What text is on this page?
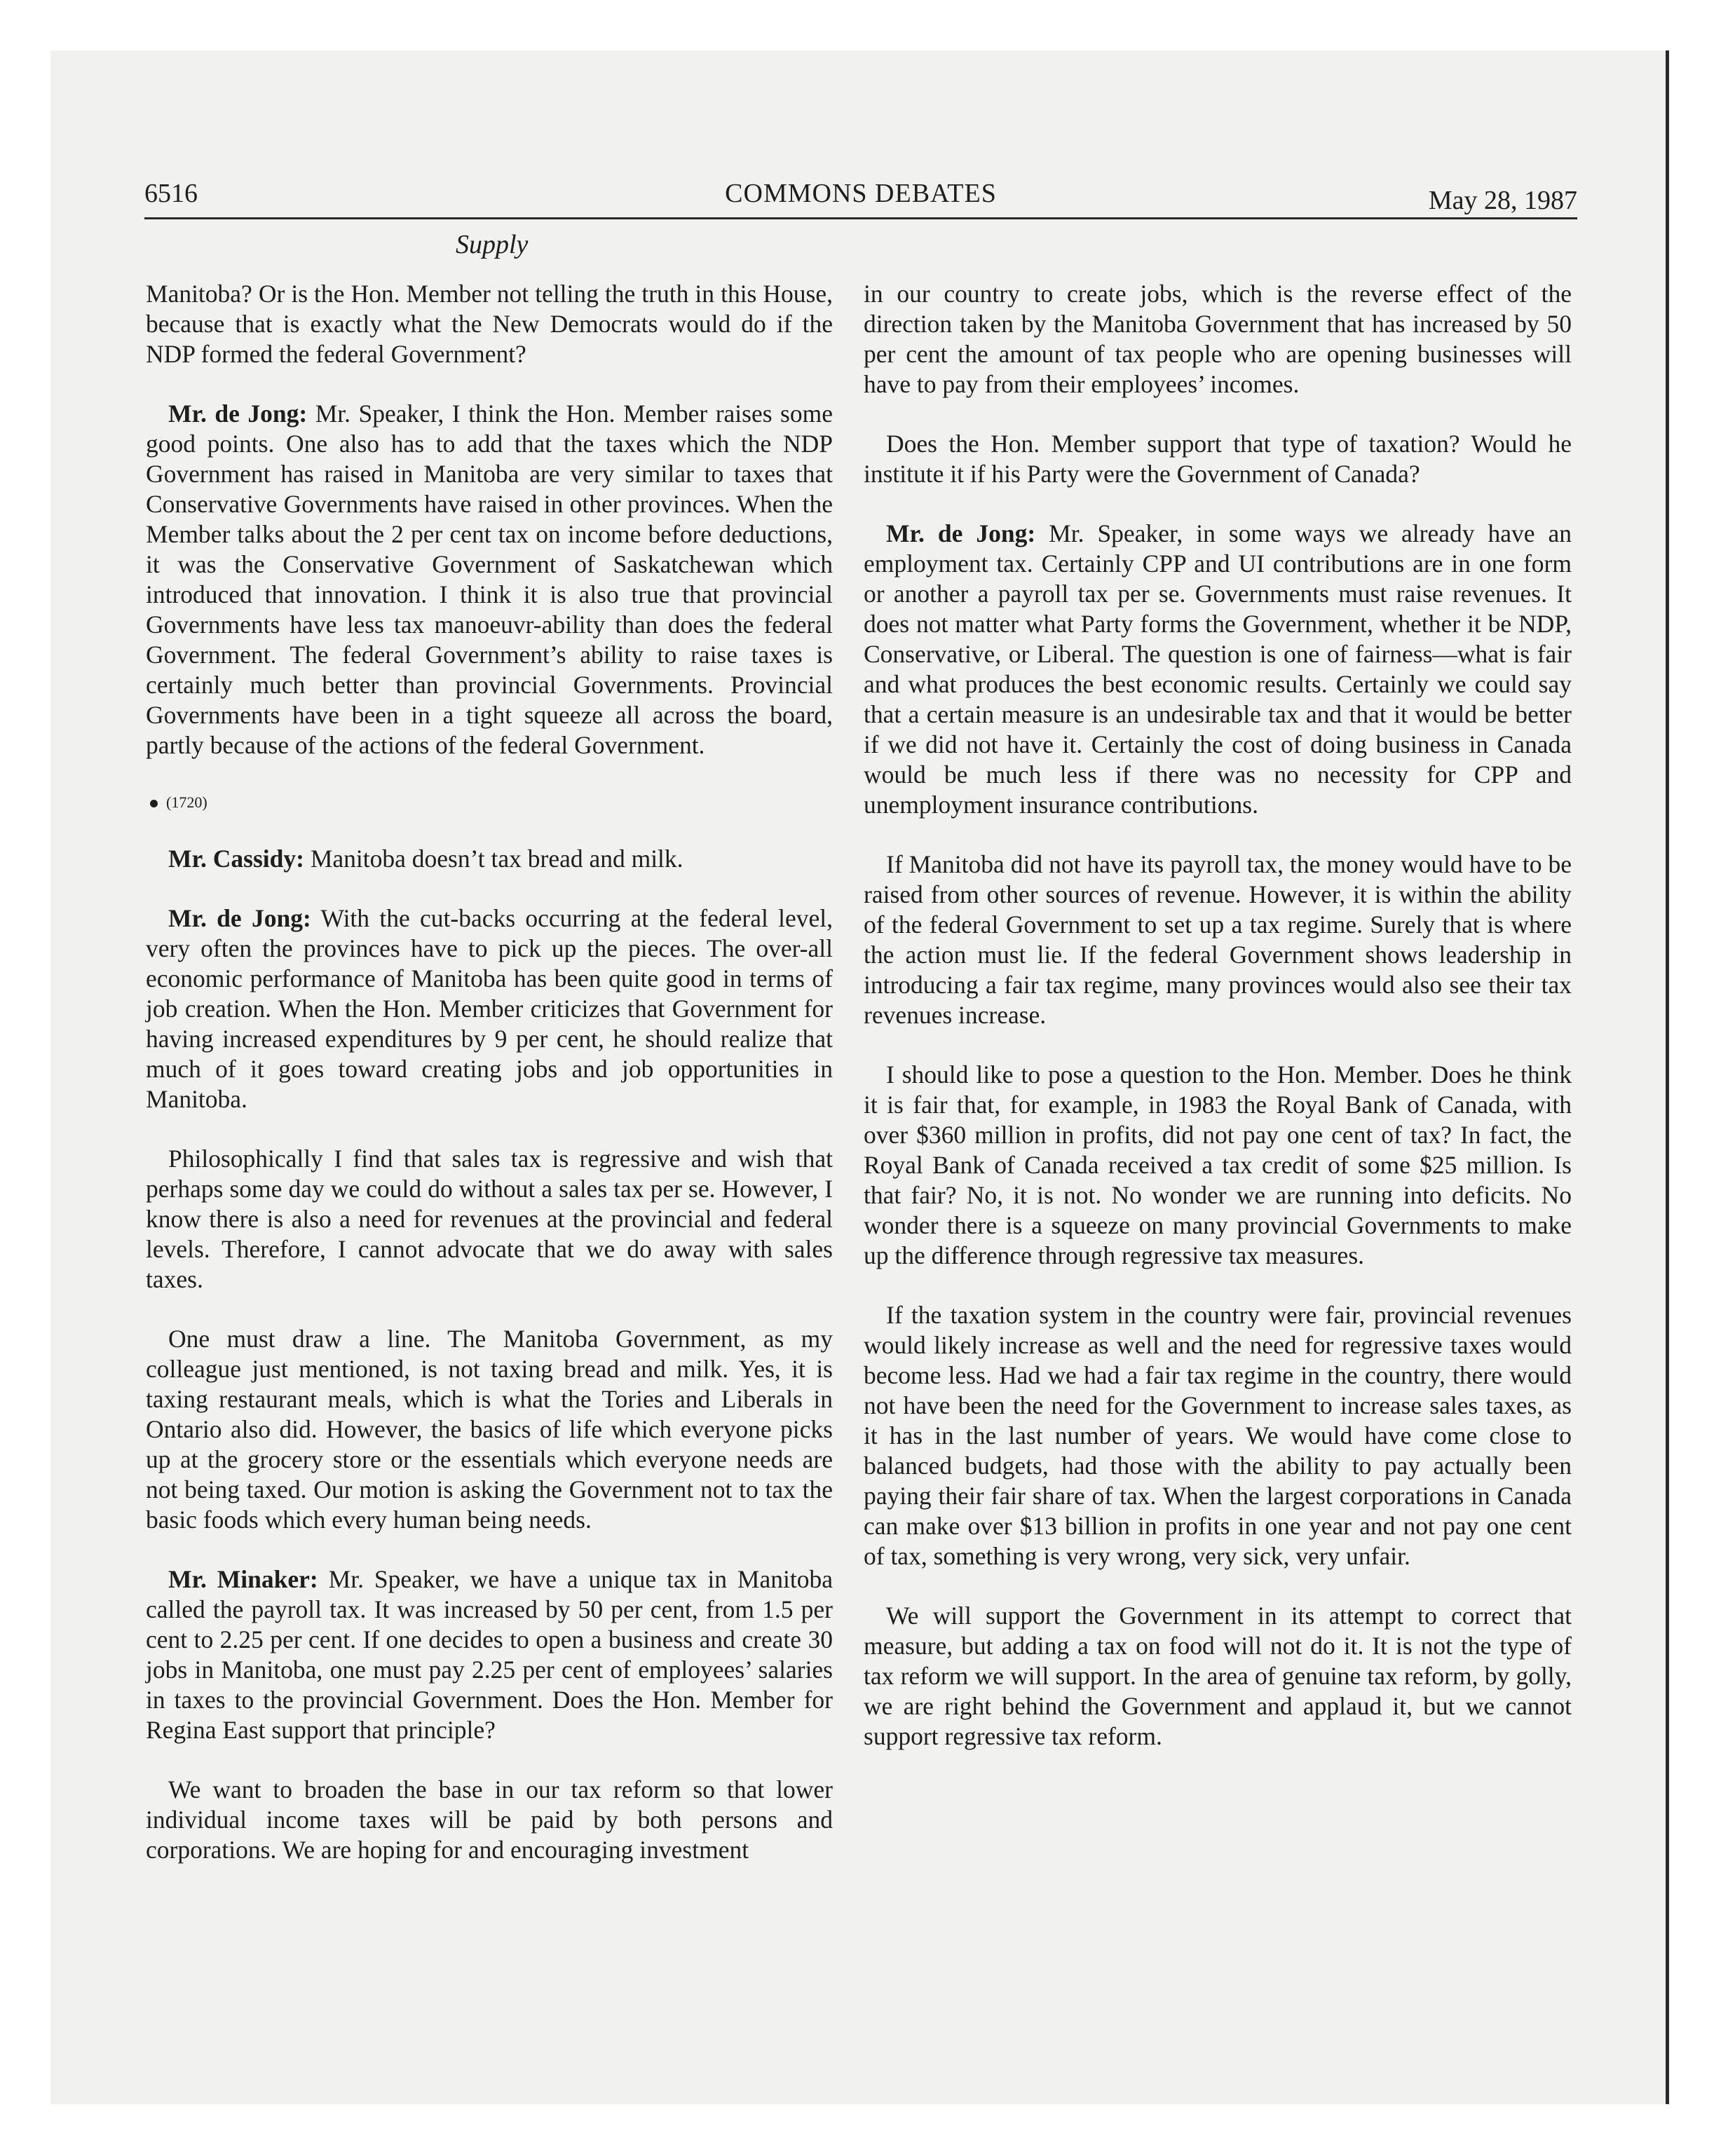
6516	COMMONS DEBATES	May 28, 1987
Supply

Manitoba? Or is the Hon. Member not telling the truth in this House, because that is exactly what the New Democrats would do if the NDP formed the federal Government?

Mr. de Jong: Mr. Speaker, I think the Hon. Member raises some good points. One also has to add that the taxes which the NDP Government has raised in Manitoba are very similar to taxes that Conservative Governments have raised in other provinces. When the Member talks about the 2 per cent tax on income before deductions, it was the Conservative Government of Saskatchewan which introduced that innovation. I think it is also true that provincial Governments have less tax manoeuvr-ability than does the federal Government. The federal Government’s ability to raise taxes is certainly much better than provincial Governments. Provincial Governments have been in a tight squeeze all across the board, partly because of the actions of the federal Government.

(1720)

Mr. Cassidy: Manitoba doesn’t tax bread and milk.

Mr. de Jong: With the cut-backs occurring at the federal level, very often the provinces have to pick up the pieces. The over-all economic performance of Manitoba has been quite good in terms of job creation. When the Hon. Member criticizes that Government for having increased expenditures by 9 per cent, he should realize that much of it goes toward creating jobs and job opportunities in Manitoba.

Philosophically I find that sales tax is regressive and wish that perhaps some day we could do without a sales tax per se. However, I know there is also a need for revenues at the provincial and federal levels. Therefore, I cannot advocate that we do away with sales taxes.

One must draw a line. The Manitoba Government, as my colleague just mentioned, is not taxing bread and milk. Yes, it is taxing restaurant meals, which is what the Tories and Liberals in Ontario also did. However, the basics of life which everyone picks up at the grocery store or the essentials which everyone needs are not being taxed. Our motion is asking the Government not to tax the basic foods which every human being needs.

Mr. Minaker: Mr. Speaker, we have a unique tax in Manitoba called the payroll tax. It was increased by 50 per cent, from 1.5 per cent to 2.25 per cent. If one decides to open a business and create 30 jobs in Manitoba, one must pay 2.25 per cent of employees’ salaries in taxes to the provincial Government. Does the Hon. Member for Regina East support that principle?

We want to broaden the base in our tax reform so that lower individual income taxes will be paid by both persons and corporations. We are hoping for and encouraging investment

in our country to create jobs, which is the reverse effect of the direction taken by the Manitoba Government that has increased by 50 per cent the amount of tax people who are opening businesses will have to pay from their employees’ incomes.

Does the Hon. Member support that type of taxation? Would he institute it if his Party were the Government of Canada?

Mr. de Jong: Mr. Speaker, in some ways we already have an employment tax. Certainly CPP and UI contributions are in one form or another a payroll tax per se. Governments must raise revenues. It does not matter what Party forms the Government, whether it be NDP, Conservative, or Liberal. The question is one of fairness—what is fair and what produces the best economic results. Certainly we could say that a certain measure is an undesirable tax and that it would be better if we did not have it. Certainly the cost of doing business in Canada would be much less if there was no necessity for CPP and unemployment insurance contributions.

If Manitoba did not have its payroll tax, the money would have to be raised from other sources of revenue. However, it is within the ability of the federal Government to set up a tax regime. Surely that is where the action must lie. If the federal Government shows leadership in introducing a fair tax regime, many provinces would also see their tax revenues increase.

I should like to pose a question to the Hon. Member. Does he think it is fair that, for example, in 1983 the Royal Bank of Canada, with over $360 million in profits, did not pay one cent of tax? In fact, the Royal Bank of Canada received a tax credit of some $25 million. Is that fair? No, it is not. No wonder we are running into deficits. No wonder there is a squeeze on many provincial Governments to make up the difference through regressive tax measures.

If the taxation system in the country were fair, provincial revenues would likely increase as well and the need for regressive taxes would become less. Had we had a fair tax regime in the country, there would not have been the need for the Government to increase sales taxes, as it has in the last number of years. We would have come close to balanced budgets, had those with the ability to pay actually been paying their fair share of tax. When the largest corporations in Canada can make over $13 billion in profits in one year and not pay one cent of tax, something is very wrong, very sick, very unfair.

We will support the Government in its attempt to correct that measure, but adding a tax on food will not do it. It is not the type of tax reform we will support. In the area of genuine tax reform, by golly, we are right behind the Government and applaud it, but we cannot support regressive tax reform.
